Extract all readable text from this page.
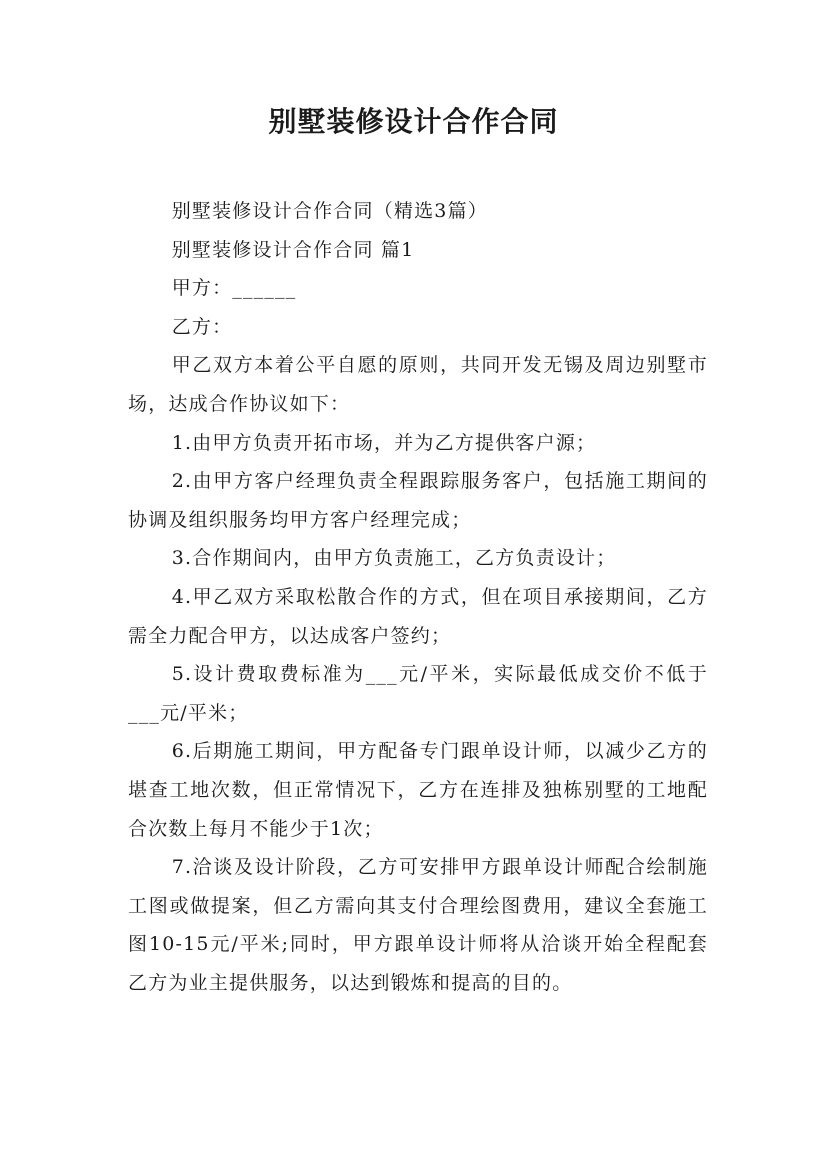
别墅装修设计合作合同

别墅装修设计合作合同（精选3篇）

别墅装修设计合作合同 篇1

甲方：______

乙方：

甲乙双方本着公平自愿的原则，共同开发无锡及周边别墅市场，达成合作协议如下：

1.由甲方负责开拓市场，并为乙方提供客户源；

2.由甲方客户经理负责全程跟踪服务客户，包括施工期间的协调及组织服务均甲方客户经理完成；

3.合作期间内，由甲方负责施工，乙方负责设计；

4.甲乙双方采取松散合作的方式，但在项目承接期间，乙方需全力配合甲方，以达成客户签约；

5.设计费取费标准为___元/平米，实际最低成交价不低于___元/平米；

6.后期施工期间，甲方配备专门跟单设计师，以减少乙方的堪查工地次数，但正常情况下，乙方在连排及独栋别墅的工地配合次数上每月不能少于1次；

7.洽谈及设计阶段，乙方可安排甲方跟单设计师配合绘制施工图或做提案，但乙方需向其支付合理绘图费用，建议全套施工图10-15元/平米;同时，甲方跟单设计师将从洽谈开始全程配套乙方为业主提供服务，以达到锻炼和提高的目的。
